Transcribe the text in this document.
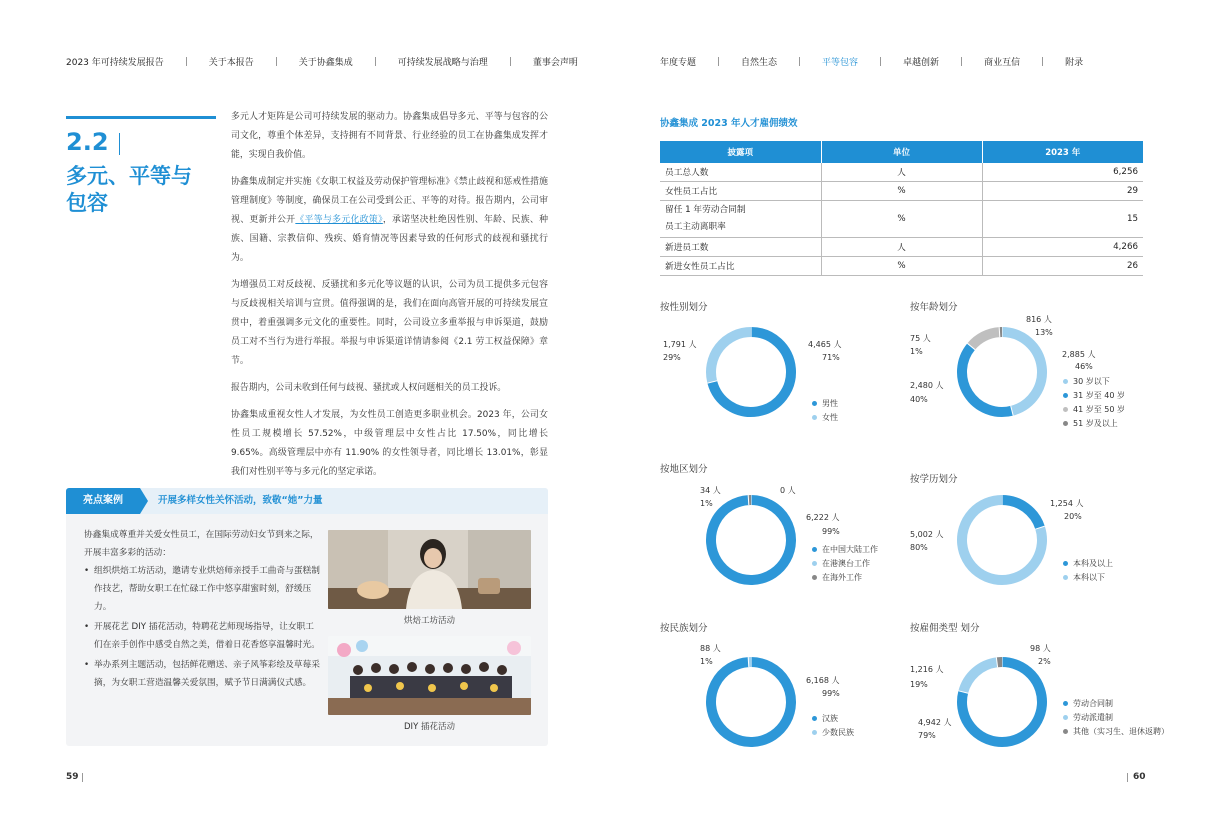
2023 年可持续发展报告	关于本报告	关于协鑫集成	可持续发展战略与治理	董事会声明	年度专题	自然生态	平等包容	卓越创新	商业互信	附录
2.2
多元、平等与包容

多元人才矩阵是公司可持续发展的驱动力。协鑫集成倡导多元、平等与包容的公司文化，尊重个体差异，支持拥有不同背景、行业经验的员工在协鑫集成发挥才能，实现自我价值。

协鑫集成制定并实施《女职工权益及劳动保护管理标准》《禁止歧视和惩戒性措施管理制度》等制度，确保员工在公司受到公正、平等的对待。报告期内，公司审视、更新并公开《平等与多元化政策》，承诺坚决杜绝因性别、年龄、民族、种族、国籍、宗教信仰、残疾、婚育情况等因素导致的任何形式的歧视和骚扰行为。

为增强员工对反歧视、反骚扰和多元化等议题的认识，公司为员工提供多元包容与反歧视相关培训与宣贯。值得强调的是，我们在面向高管开展的可持续发展宣贯中，着重强调多元文化的重要性。同时，公司设立多重举报与申诉渠道，鼓励员工对不当行为进行举报。举报与申诉渠道详情请参阅《2.1 劳工权益保障》章节。

报告期内，公司未收到任何与歧视、骚扰或人权问题相关的员工投诉。

协鑫集成重视女性人才发展，为女性员工创造更多职业机会。2023 年，公司女性员工规模增长 57.52%，中级管理层中女性占比 17.50%，同比增长 9.65%。高级管理层中亦有 11.90% 的女性领导者，同比增长 13.01%，彰显我们对性别平等与多元化的坚定承诺。

亮点案例	开展多样女性关怀活动，致敬“她”力量

协鑫集成尊重并关爱女性员工，在国际劳动妇女节到来之际，开展丰富多彩的活动：

• 组织烘焙工坊活动，邀请专业烘焙师亲授手工曲奇与蛋糕制作技艺，帮助女职工在忙碌工作中悠享甜蜜时刻，舒缓压力。
• 开展花艺 DIY 插花活动，特聘花艺师现场指导，让女职工们在亲手创作中感受自然之美，借着日花香悠享温馨时光。
• 举办系列主题活动，包括鲜花赠送、亲子风筝彩绘及草莓采摘，为女职工营造温馨关爱氛围，赋予节日满满仪式感。
烘焙工坊活动
DIY 插花活动
59	60
协鑫集成 2023 年人才雇佣绩效
披露项	单位	2023 年
员工总人数	人	6,256
女性员工占比	%	29
留任 1 年劳动合同制
员工主动离职率	%	15
新进员工数	人	4,266
新进女性员工占比	%	26
按性别划分
1,791 人
29%
4,465 人
71%
男性
女性
按年龄划分
816 人
13%
75 人
1%	2,885 人
46%
2,480 人
40%
30 岁以下
31 岁至 40 岁
41 岁至 50 岁
51 岁及以上
按地区划分
34 人
1%
0 人
6,222 人
99%
在中国大陆工作
在港澳台工作
在海外工作
按学历划分
1,254 人
20%
5,002 人
80%
本科及以上
本科以下
按民族划分
88 人
1%
6,168 人
99%
汉族
少数民族
按雇佣类型 划分
98 人
2%
1,216 人
19%
4,942 人
79%
劳动合同制
劳动派遣制
其他（实习生、退休返聘）
